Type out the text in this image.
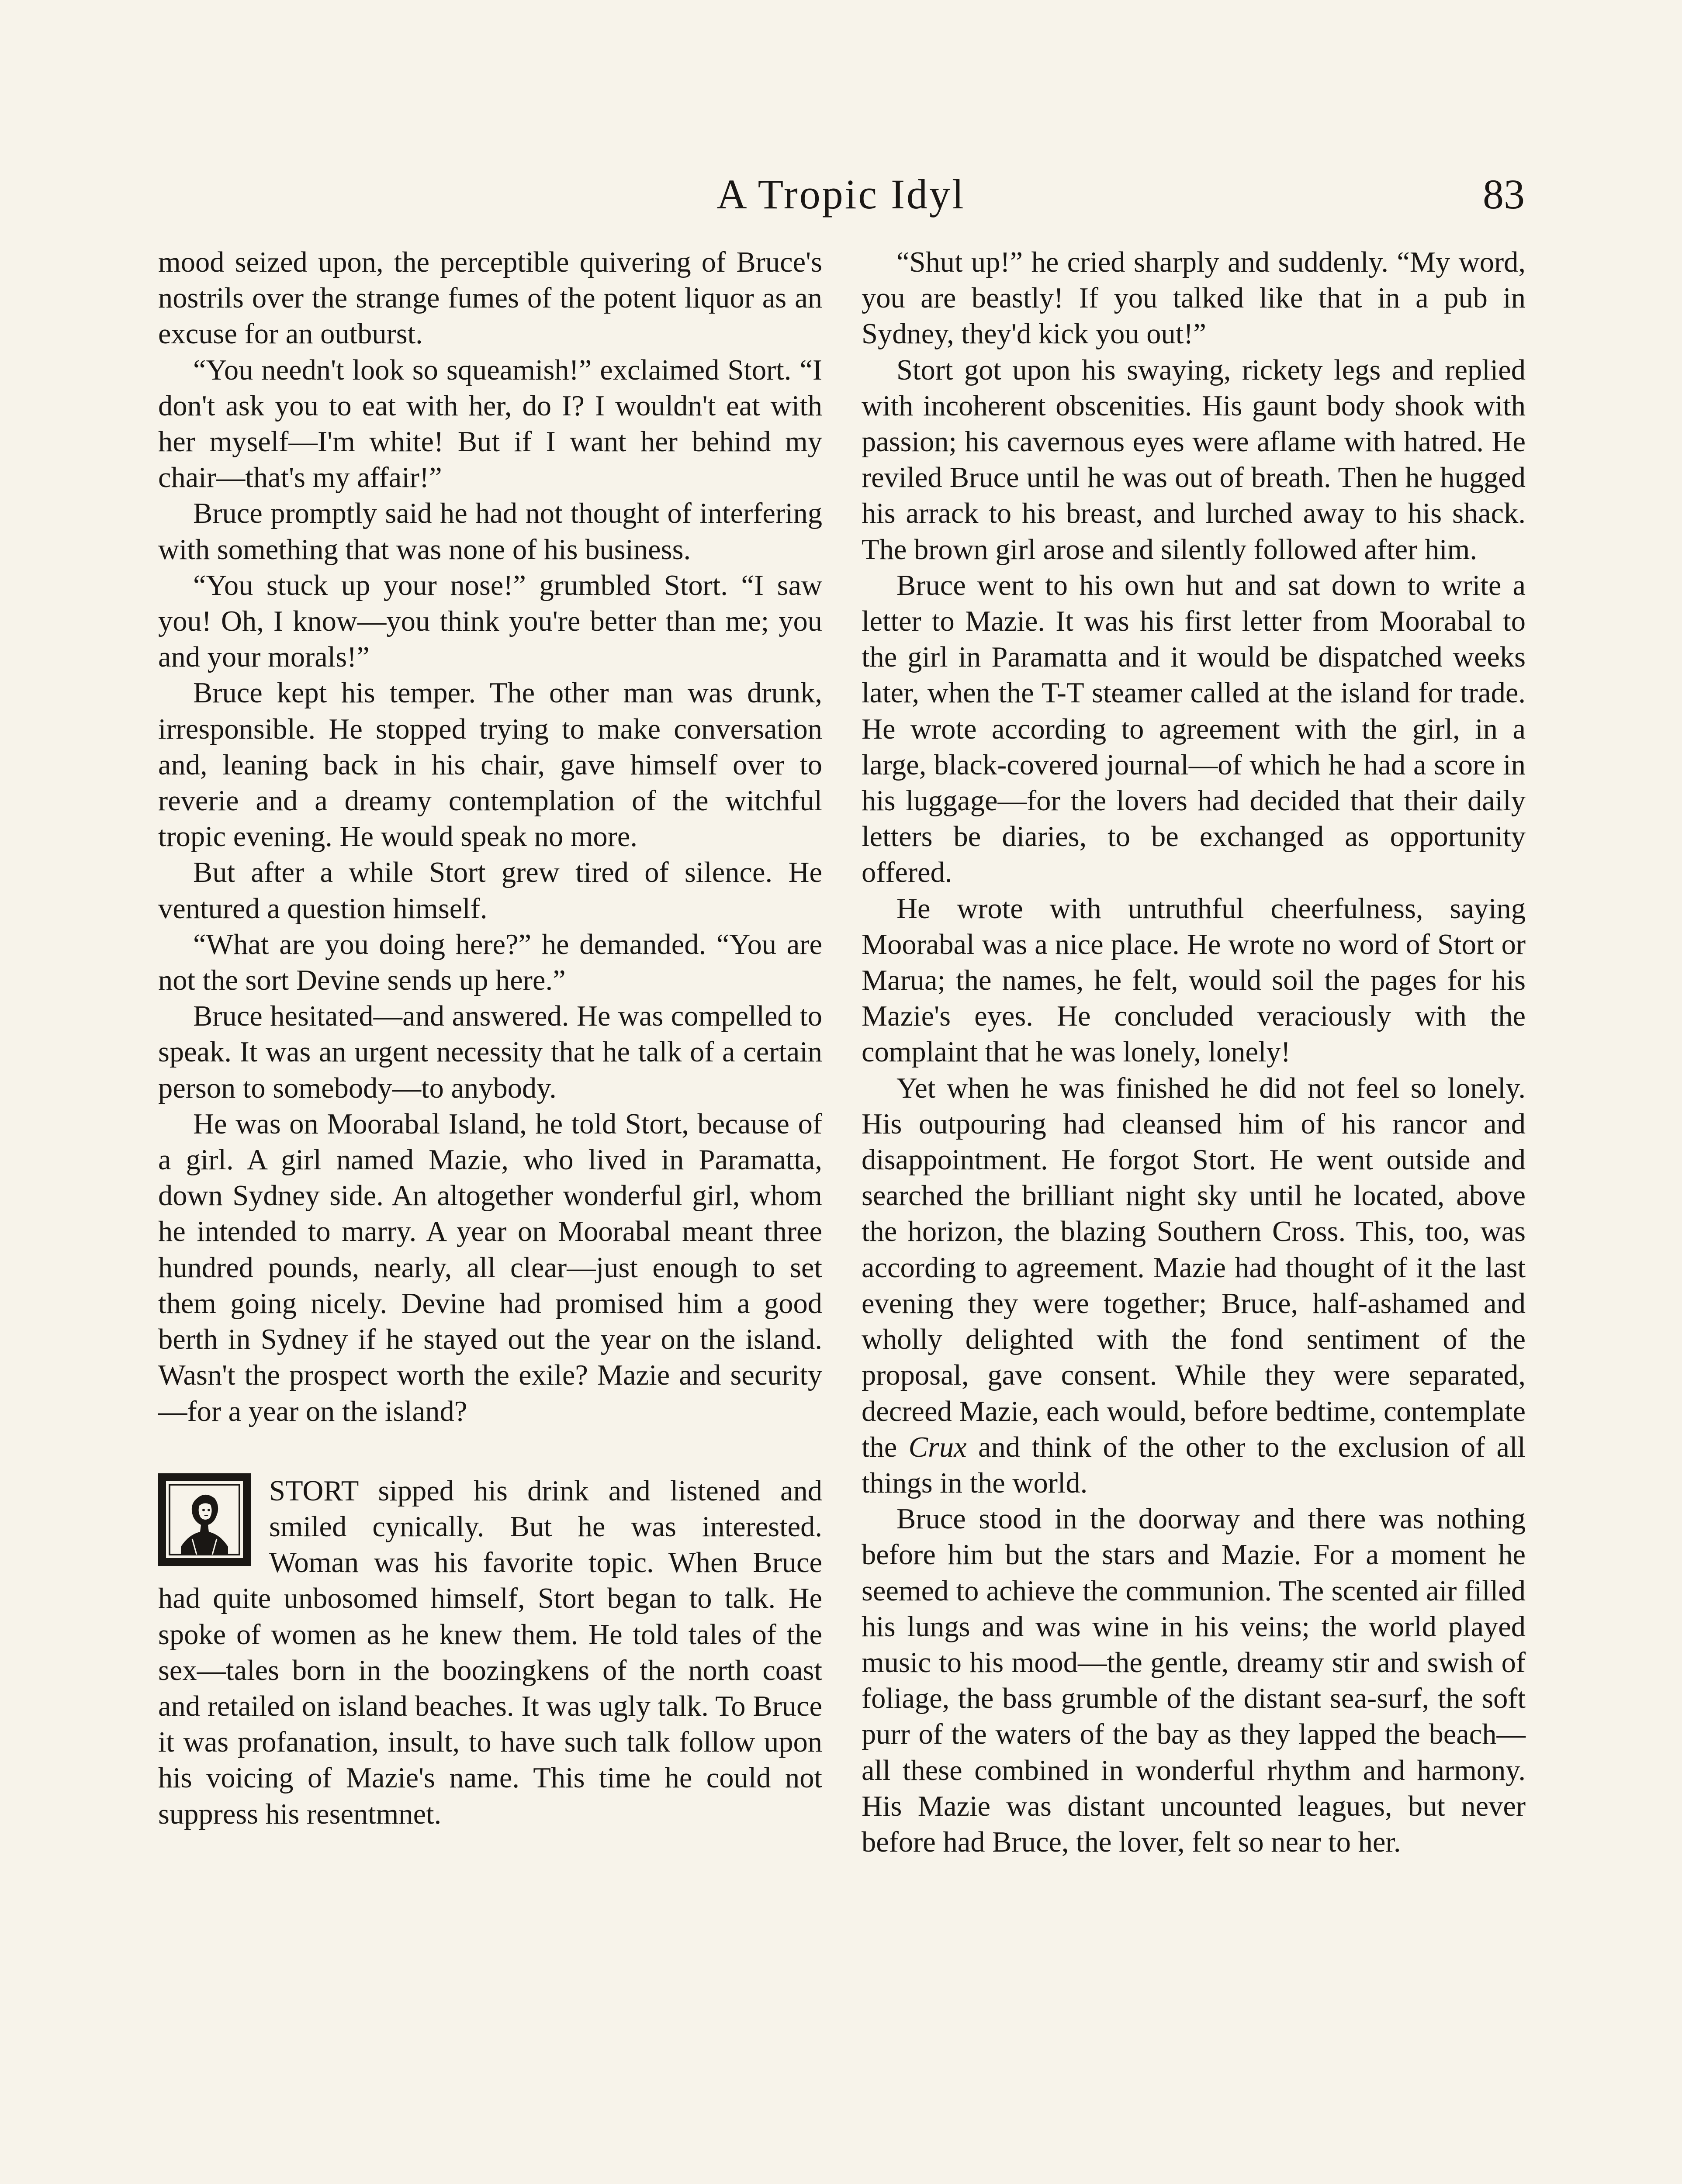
A Tropic Idyl	83

mood seized upon, the perceptible quivering of Bruce's nostrils over the strange fumes of the potent liquor as an excuse for an outburst.

“You needn't look so squeamish!” exclaimed Stort. “I don't ask you to eat with her, do I? I wouldn't eat with her myself—I'm white! But if I want her behind my chair—that's my affair!”

Bruce promptly said he had not thought of interfering with something that was none of his business.

“You stuck up your nose!” grumbled Stort. “I saw you! Oh, I know—you think you're better than me; you and your morals!”

Bruce kept his temper. The other man was drunk, irresponsible. He stopped trying to make conversation and, leaning back in his chair, gave himself over to reverie and a dreamy contemplation of the witchful tropic evening. He would speak no more.

But after a while Stort grew tired of silence. He ventured a question himself.

“What are you doing here?” he demanded. “You are not the sort Devine sends up here.”

Bruce hesitated—and answered. He was compelled to speak. It was an urgent necessity that he talk of a certain person to somebody—to anybody.

He was on Moorabal Island, he told Stort, because of a girl. A girl named Mazie, who lived in Paramatta, down Sydney side. An altogether wonderful girl, whom he intended to marry. A year on Moorabal meant three hundred pounds, nearly, all clear—just enough to set them going nicely. Devine had promised him a good berth in Sydney if he stayed out the year on the island. Wasn't the prospect worth the exile? Mazie and security—for a year on the island?

STORT sipped his drink and listened and smiled cynically. But he was interested. Woman was his favorite topic. When Bruce had quite unbosomed himself, Stort began to talk. He spoke of women as he knew them. He told tales of the sex—tales born in the boozingkens of the north coast and retailed on island beaches. It was ugly talk. To Bruce it was profanation, insult, to have such talk follow upon his voicing of Mazie's name. This time he could not suppress his resentmnet.

“Shut up!” he cried sharply and suddenly. “My word, you are beastly! If you talked like that in a pub in Sydney, they'd kick you out!”

Stort got upon his swaying, rickety legs and replied with incoherent obscenities. His gaunt body shook with passion; his cavernous eyes were aflame with hatred. He reviled Bruce until he was out of breath. Then he hugged his arrack to his breast, and lurched away to his shack. The brown girl arose and silently followed after him.

Bruce went to his own hut and sat down to write a letter to Mazie. It was his first letter from Moorabal to the girl in Paramatta and it would be dispatched weeks later, when the T-T steamer called at the island for trade. He wrote according to agreement with the girl, in a large, black-covered journal—of which he had a score in his luggage—for the lovers had decided that their daily letters be diaries, to be exchanged as opportunity offered.

He wrote with untruthful cheerfulness, saying Moorabal was a nice place. He wrote no word of Stort or Marua; the names, he felt, would soil the pages for his Mazie's eyes. He concluded veraciously with the complaint that he was lonely, lonely!

Yet when he was finished he did not feel so lonely. His outpouring had cleansed him of his rancor and disappointment. He forgot Stort. He went outside and searched the brilliant night sky until he located, above the horizon, the blazing Southern Cross. This, too, was according to agreement. Mazie had thought of it the last evening they were together; Bruce, half-ashamed and wholly delighted with the fond sentiment of the proposal, gave consent. While they were separated, decreed Mazie, each would, before bedtime, contemplate the Crux and think of the other to the exclusion of all things in the world.

Bruce stood in the doorway and there was nothing before him but the stars and Mazie. For a moment he seemed to achieve the communion. The scented air filled his lungs and was wine in his veins; the world played music to his mood—the gentle, dreamy stir and swish of foliage, the bass grumble of the distant sea-surf, the soft purr of the waters of the bay as they lapped the beach—all these combined in wonderful rhythm and harmony. His Mazie was distant uncounted leagues, but never before had Bruce, the lover, felt so near to her.
